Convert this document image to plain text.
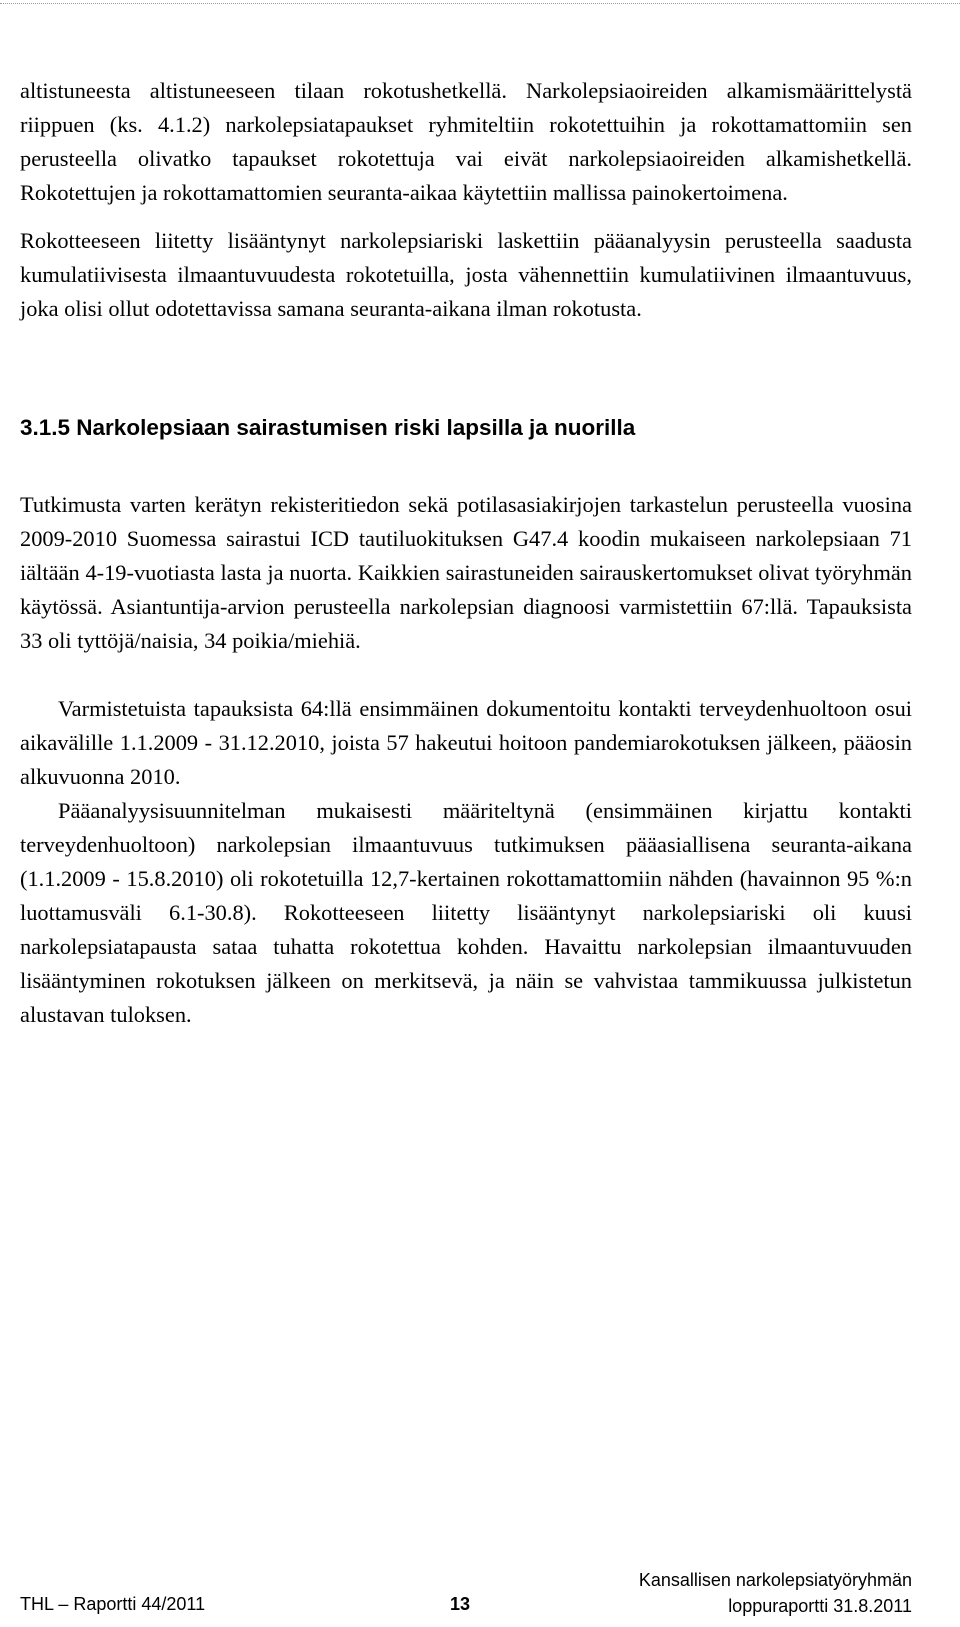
altistuneesta altistuneeseen tilaan rokotushetkellä. Narkolepsiaoireiden alkamismäärittelystä riippuen (ks. 4.1.2) narkolepsiatapaukset ryhmiteltiin rokotettuihin ja rokottamattomiin sen perusteella olivatko tapaukset rokotettuja vai eivät narkolepsiaoireiden alkamishetkellä. Rokotettujen ja rokottamattomien seuranta-aikaa käytettiin mallissa painokertoimena.

Rokotteeseen liitetty lisääntynyt narkolepsiariski laskettiin pääanalyysin perusteella saadusta kumulatiivisesta ilmaantuvuudesta rokotetuilla, josta vähennettiin kumulatiivinen ilmaantuvuus, joka olisi ollut odotettavissa samana seuranta-aikana ilman rokotusta.

3.1.5 Narkolepsiaan sairastumisen riski lapsilla ja nuorilla

Tutkimusta varten kerätyn rekisteritiedon sekä potilasasiakirjojen tarkastelun perusteella vuosina 2009-2010 Suomessa sairastui ICD tautiluokituksen G47.4 koodin mukaiseen narkolepsiaan 71 iältään 4-19-vuotiasta lasta ja nuorta. Kaikkien sairastuneiden sairauskertomukset olivat työryhmän käytössä. Asiantuntija-arvion perusteella narkolepsian diagnoosi varmistettiin 67:llä. Tapauksista 33 oli tyttöjä/naisia, 34 poikia/miehiä.

Varmistetuista tapauksista 64:llä ensimmäinen dokumentoitu kontakti terveydenhuoltoon osui aikavälille 1.1.2009 - 31.12.2010, joista 57 hakeutui hoitoon pandemiarokotuksen jälkeen, pääosin alkuvuonna 2010.

Pääanalyysisuunnitelman mukaisesti määriteltynä (ensimmäinen kirjattu kontakti terveydenhuoltoon) narkolepsian ilmaantuvuus tutkimuksen pääasiallisena seuranta-aikana (1.1.2009 - 15.8.2010) oli rokotetuilla 12,7-kertainen rokottamattomiin nähden (havainnon 95 %:n luottamusväli 6.1-30.8). Rokotteeseen liitetty lisääntynyt narkolepsiariski oli kuusi narkolepsiatapausta sataa tuhatta rokotettua kohden. Havaittu narkolepsian ilmaantuvuuden lisääntyminen rokotuksen jälkeen on merkitsevä, ja näin se vahvistaa tammikuussa julkistetun alustavan tuloksen.

THL – Raportti 44/2011	13
Kansallisen narkolepsiatyöryhmän
loppuraportti 31.8.2011
